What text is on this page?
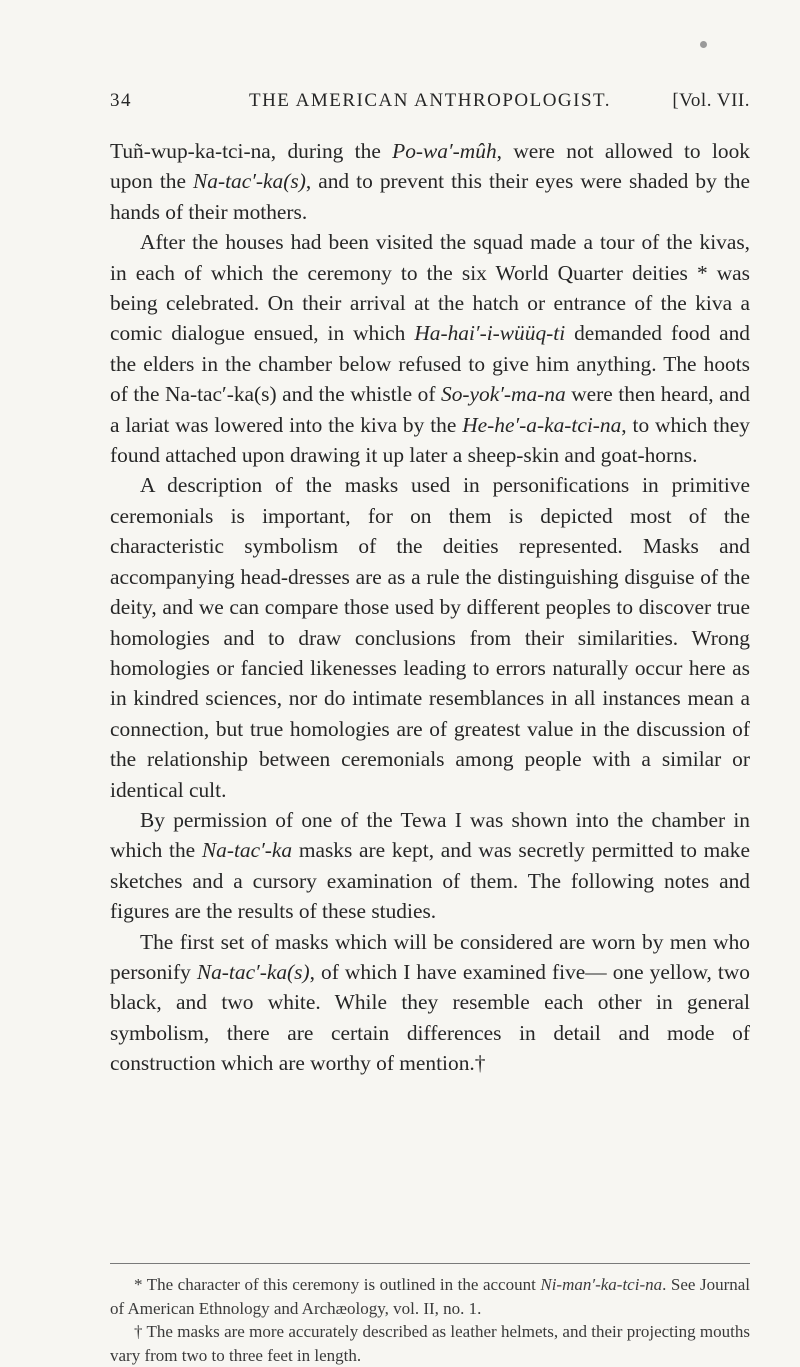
34	THE AMERICAN ANTHROPOLOGIST.	[Vol. VII.

Tuñ-wup-ka-tci-na, during the Po-wa′-mûh, were not allowed to look upon the Na-tac′-ka(s), and to prevent this their eyes were shaded by the hands of their mothers.

After the houses had been visited the squad made a tour of the kivas, in each of which the ceremony to the six World Quarter deities * was being celebrated. On their arrival at the hatch or entrance of the kiva a comic dialogue ensued, in which Ha-hai′-i-wüüq-ti demanded food and the elders in the chamber below refused to give him anything. The hoots of the Na-tac′-ka(s) and the whistle of So-yok′-ma-na were then heard, and a lariat was lowered into the kiva by the He-he′-a-ka-tci-na, to which they found attached upon drawing it up later a sheep-skin and goat-horns.

A description of the masks used in personifications in primitive ceremonials is important, for on them is depicted most of the characteristic symbolism of the deities represented. Masks and accompanying head-dresses are as a rule the distinguishing disguise of the deity, and we can compare those used by different peoples to discover true homologies and to draw conclusions from their similarities. Wrong homologies or fancied likenesses leading to errors naturally occur here as in kindred sciences, nor do intimate resemblances in all instances mean a connection, but true homologies are of greatest value in the discussion of the relationship between ceremonials among people with a similar or identical cult.

By permission of one of the Tewa I was shown into the chamber in which the Na-tac′-ka masks are kept, and was secretly permitted to make sketches and a cursory examination of them. The following notes and figures are the results of these studies.

The first set of masks which will be considered are worn by men who personify Na-tac′-ka(s), of which I have examined five— one yellow, two black, and two white. While they resemble each other in general symbolism, there are certain differences in detail and mode of construction which are worthy of mention.†

* The character of this ceremony is outlined in the account Ni-man′-ka-tci-na. See Journal of American Ethnology and Archæology, vol. II, no. 1.

† The masks are more accurately described as leather helmets, and their projecting mouths vary from two to three feet in length.
